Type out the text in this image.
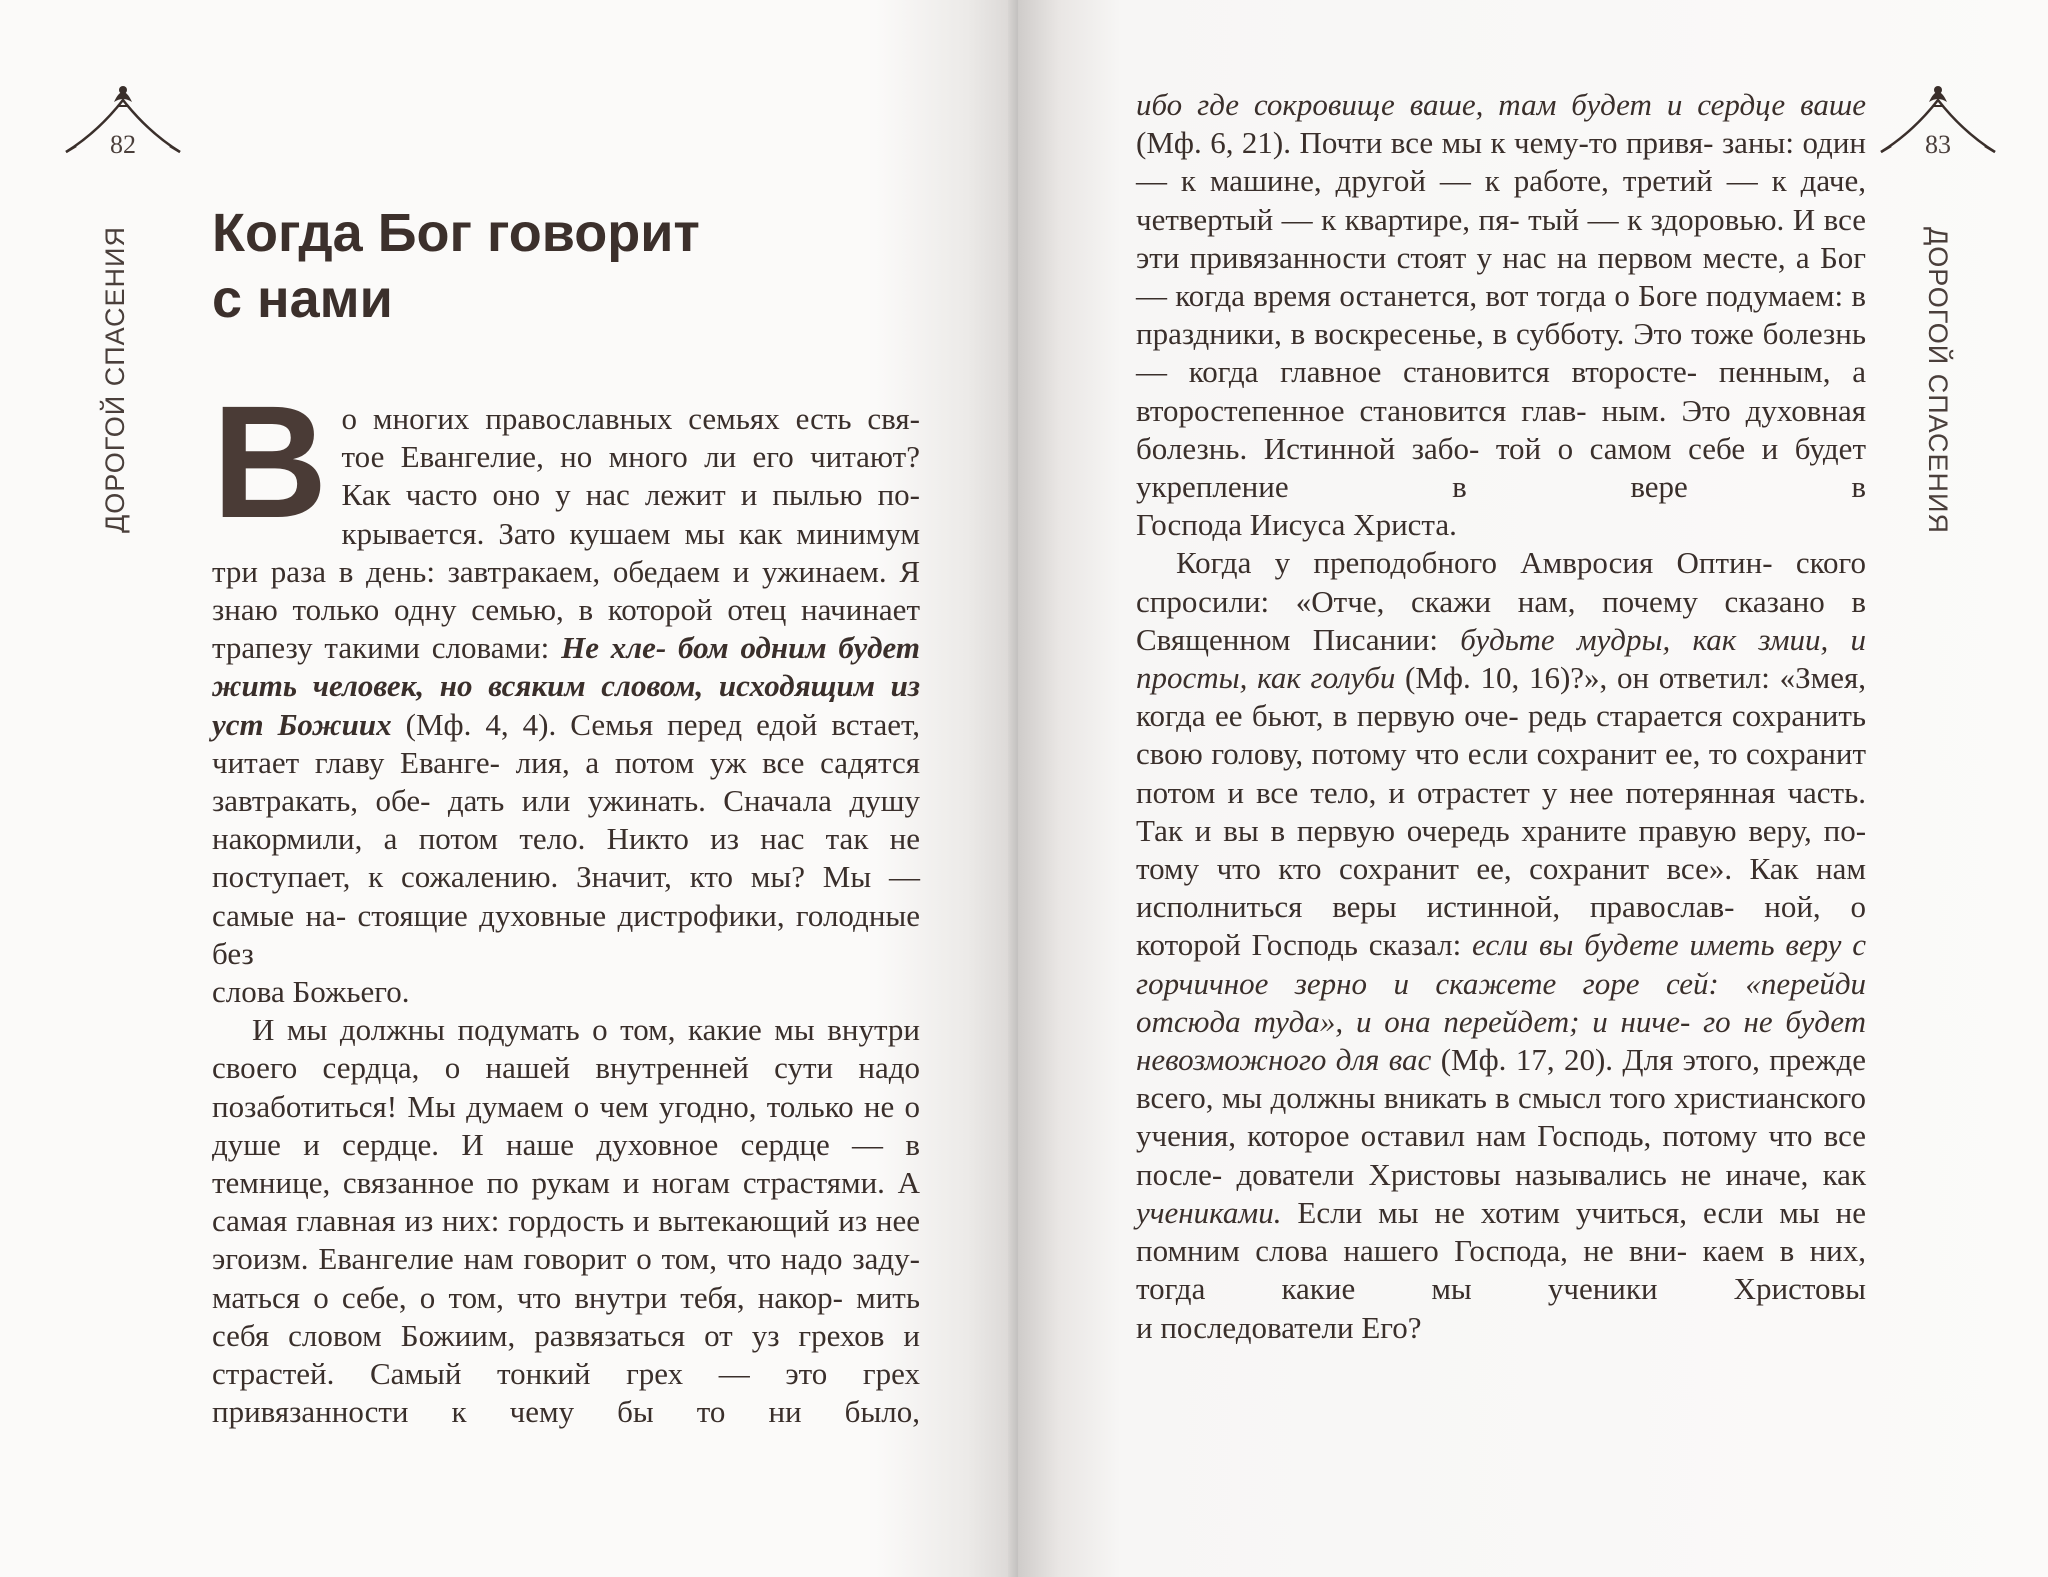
82
ДОРОГОЙ СПАСЕНИЯ Когда Бог говорит
с нами

В о многих православных семьях есть свя- тое Евангелие, но много ли его читают? Как часто оно у нас лежит и пылью по- крывается. Зато кушаем мы как минимум три раза в день: завтракаем, обедаем и ужинаем. Я знаю только одну семью, в которой отец начинает трапезу такими словами: Не хле- бом одним будет жить человек, но всяким словом, исходящим из уст Божиих (Мф. 4, 4). Семья перед едой встает, читает главу Еванге- лия, а потом уж все садятся завтракать, обе- дать или ужинать. Сначала душу накормили, а потом тело. Никто из нас так не поступает, к сожалению. Значит, кто мы? Мы — самые на- стоящие духовные дистрофики, голодные без

слова Божьего.

И мы должны подумать о том, какие мы внутри своего сердца, о нашей внутренней сути надо позаботиться! Мы думаем о чем угодно, только не о душе и сердце. И наше духовное сердце — в темнице, связанное по рукам и ногам страстями. А самая главная из них: гордость и вытекающий из нее эгоизм. Евангелие нам говорит о том, что надо заду- маться о себе, о том, что внутри тебя, накор- мить себя словом Божиим, развязаться от уз грехов и страстей. Самый тонкий грех — это грех привязанности к чему бы то ни было,

83
ДОРОГОЙ СПАСЕНИЯ

ибо где сокровище ваше, там будет и сердце ваше (Мф. 6, 21). Почти все мы к чему-то привя- заны: один — к машине, другой — к работе, третий — к даче, четвертый — к квартире, пя- тый — к здоровью. И все эти привязанности стоят у нас на первом месте, а Бог — когда время останется, вот тогда о Боге подумаем: в праздники, в воскресенье, в субботу. Это тоже болезнь — когда главное становится второсте- пенным, а второстепенное становится глав- ным. Это духовная болезнь. Истинной забо- той о самом себе и будет укрепление в вере в

Господа Иисуса Христа.

Когда у преподобного Амвросия Оптин- ского спросили: «Отче, скажи нам, почему сказано в Священном Писании: будьте мудры, как змии, и просты, как голуби (Мф. 10, 16)?», он ответил: «Змея, когда ее бьют, в первую оче- редь старается сохранить свою голову, потому что если сохранит ее, то сохранит потом и все тело, и отрастет у нее потерянная часть. Так и вы в первую очередь храните правую веру, по- тому что кто сохранит ее, сохранит все». Как нам исполниться веры истинной, православ- ной, о которой Господь сказал: если вы будете иметь веру с горчичное зерно и скажете горе сей: «перейди отсюда туда», и она перейдет; и ниче- го не будет невозможного для вас (Мф. 17, 20). Для этого, прежде всего, мы должны вникать в смысл того христианского учения, которое оставил нам Господь, потому что все после- дователи Христовы назывались не иначе, как учениками. Если мы не хотим учиться, если мы не помним слова нашего Господа, не вни- каем в них, тогда какие мы ученики Христовы

и последователи Его?
